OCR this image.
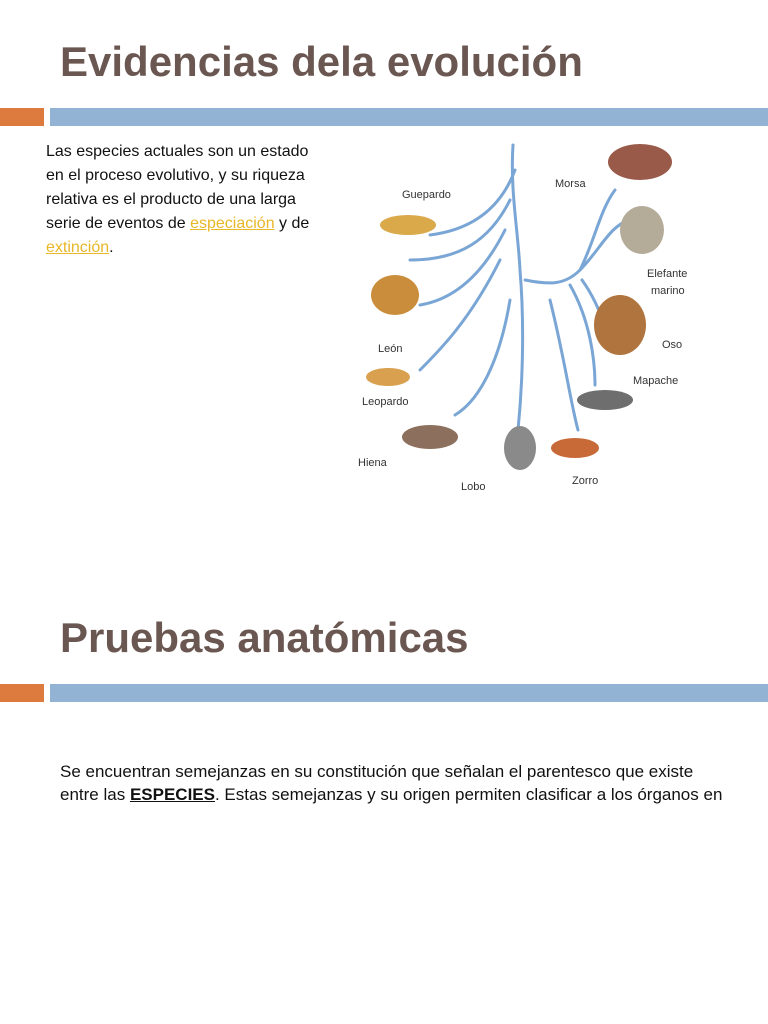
Evidencias dela evolución

Las especies actuales son un estado en el proceso evolutivo, y su riqueza relativa es el producto de una larga serie de eventos de especiación y de extinción.

Guepardo
León
Leopardo
Hiena
Lobo
Morsa
Elefante
marino
Oso
Mapache
Zorro
Pruebas anatómicas

Se encuentran semejanzas en su constitución que señalan el parentesco que existe entre las ESPECIES. Estas semejanzas y su origen permiten clasificar a los órganos en
